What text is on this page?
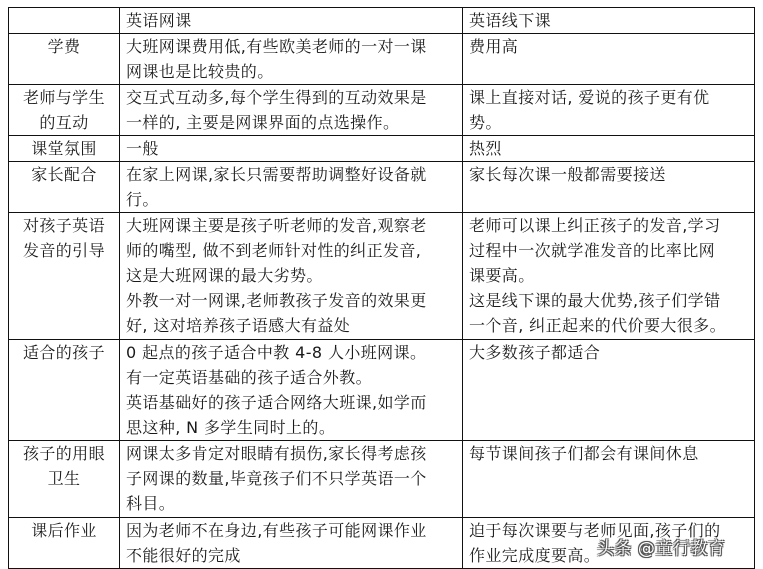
	英语网课	英语线下课

学费	大班网课费用低,有些欧美老师的一对一课
网课也是比较贵的。	费用高

老师与学生
的互动	交互式互动多,每个学生得到的互动效果是
一样的, 主要是网课界面的点选操作。	课上直接对话, 爱说的孩子更有优
势。

课堂氛围	一般	热烈

家长配合	在家上网课,家长只需要帮助调整好设备就
行。	家长每次课一般都需要接送

对孩子英语
发音的引导	大班网课主要是孩子听老师的发音,观察老
师的嘴型, 做不到老师针对性的纠正发音,
这是大班网课的最大劣势。
外教一对一网课,老师教孩子发音的效果更
好, 这对培养孩子语感大有益处	老师可以课上纠正孩子的发音,学习
过程中一次就学准发音的比率比网
课要高。
这是线下课的最大优势,孩子们学错
一个音, 纠正起来的代价要大很多。

适合的孩子	0 起点的孩子适合中教 4-8 人小班网课。
有一定英语基础的孩子适合外教。
英语基础好的孩子适合网络大班课,如学而
思这种, N 多学生同时上的。	大多数孩子都适合

孩子的用眼
卫生	网课太多肯定对眼睛有损伤,家长得考虑孩
子网课的数量,毕竟孩子们不只学英语一个
科目。	每节课间孩子们都会有课间休息

课后作业	因为老师不在身边,有些孩子可能网课作业
不能很好的完成	迫于每次课要与老师见面,孩子们的
作业完成度要高。
头条 @童行教育
